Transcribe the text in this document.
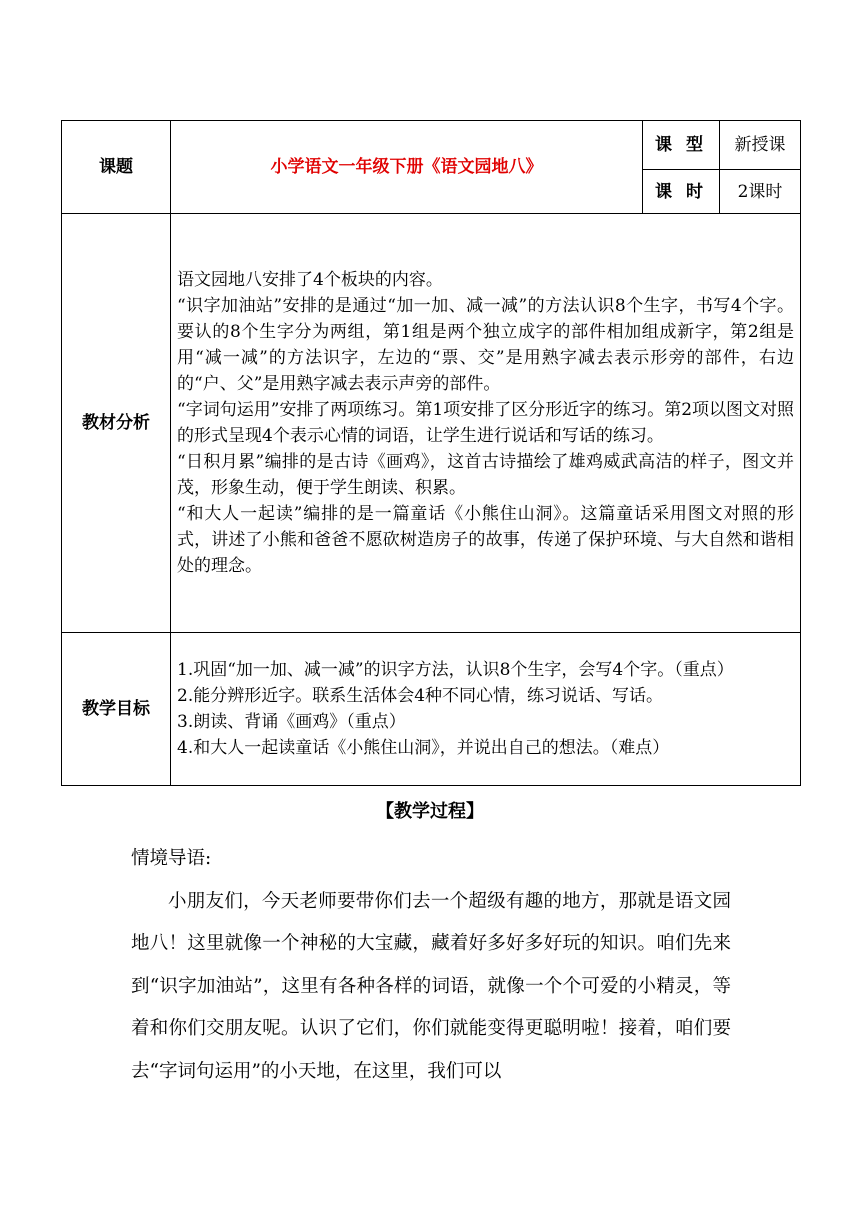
课题	小学语文一年级下册《语文园地八》	课 型	新授课
		课 时	2课时
教材分析	语文园地八安排了4个板块的内容。

“识字加油站”安排的是通过“加一加、减一减”的方法认识8个生字，书写4个字。要认的8个生字分为两组，第1组是两个独立成字的部件相加组成新字，第2组是用“减一减”的方法识字，左边的“票、交”是用熟字减去表示形旁的部件，右边的“户、父”是用熟字减去表示声旁的部件。

“字词句运用”安排了两项练习。第1项安排了区分形近字的练习。第2项以图文对照的形式呈现4个表示心情的词语，让学生进行说话和写话的练习。

“日积月累”编排的是古诗《画鸡》，这首古诗描绘了雄鸡威武高洁的样子，图文并茂，形象生动，便于学生朗读、积累。

“和大人一起读”编排的是一篇童话《小熊住山洞》。这篇童话采用图文对照的形式，讲述了小熊和爸爸不愿砍树造房子的故事，传递了保护环境、与大自然和谐相处的理念。		

教学目标	1.巩固“加一加、减一减”的识字方法，认识8个生字，会写4个字。（重点）

2.能分辨形近字。联系生活体会4种不同心情，练习说话、写话。

3.朗读、背诵《画鸡》（重点）

4.和大人一起读童话《小熊住山洞》，并说出自己的想法。（难点）		

【教学过程】

情境导语:

小朋友们，今天老师要带你们去一个超级有趣的地方，那就是语文园地八！这里就像一个神秘的大宝藏，藏着好多好多好玩的知识。咱们先来到“识字加油站”，这里有各种各样的词语，就像一个个可爱的小精灵，等着和你们交朋友呢。认识了它们，你们就能变得更聪明啦！接着，咱们要去“字词句运用”的小天地，在这里，我们可以
